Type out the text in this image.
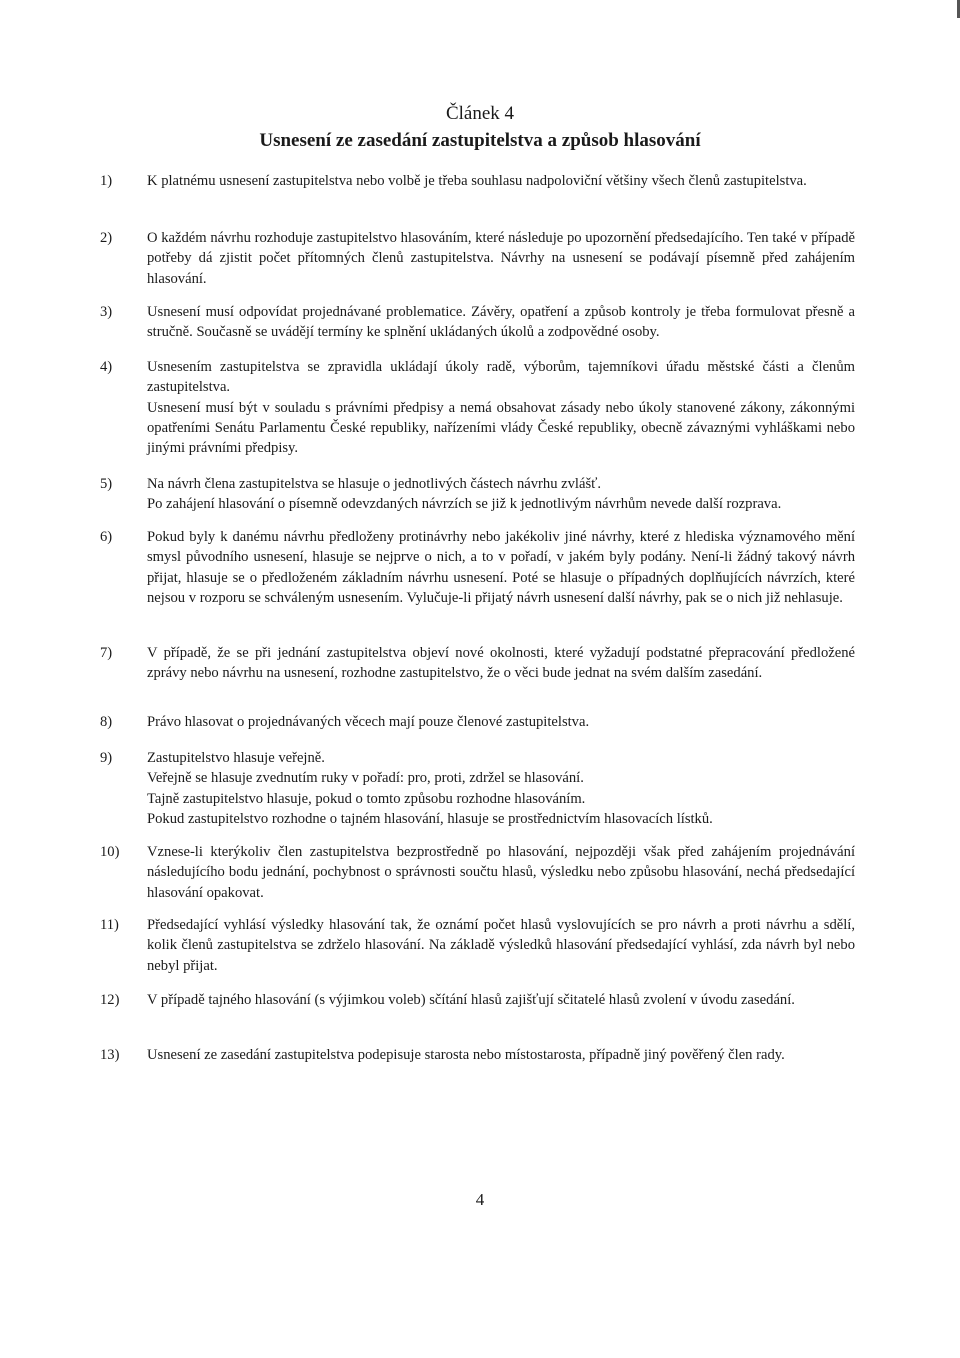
Článek 4
Usnesení ze zasedání zastupitelstva a způsob hlasování
1)	K platnému usnesení zastupitelstva nebo volbě je třeba souhlasu nadpoloviční většiny všech členů zastupitelstva.

2)	O každém návrhu rozhoduje zastupitelstvo hlasováním, které následuje po upozornění předsedajícího. Ten také v případě potřeby dá zjistit počet přítomných členů zastupitelstva. Návrhy na usnesení se podávají písemně před zahájením hlasování.

3)	Usnesení musí odpovídat projednávané problematice. Závěry, opatření a způsob kontroly je třeba formulovat přesně a stručně. Současně se uvádějí termíny ke splnění ukládaných úkolů a zodpovědné osoby.

4)	Usnesením zastupitelstva se zpravidla ukládají úkoly radě, výborům, tajemníkovi úřadu městské části a členům zastupitelstva.

Usnesení musí být v souladu s právními předpisy a nemá obsahovat zásady nebo úkoly stanovené zákony, zákonnými opatřeními Senátu Parlamentu České republiky, nařízeními vlády České republiky, obecně závaznými vyhláškami nebo jinými právními předpisy.

5)	Na návrh člena zastupitelstva se hlasuje o jednotlivých částech návrhu zvlášť.

Po zahájení hlasování o písemně odevzdaných návrzích se již k jednotlivým návrhům nevede další rozprava.

6)	Pokud byly k danému návrhu předloženy protinávrhy nebo jakékoliv jiné návrhy, které z hlediska významového mění smysl původního usnesení, hlasuje se nejprve o nich, a to v pořadí, v jakém byly podány. Není-li žádný takový návrh přijat, hlasuje se o předloženém základním návrhu usnesení. Poté se hlasuje o případných doplňujících návrzích, které nejsou v rozporu se schváleným usnesením. Vylučuje-li přijatý návrh usnesení další návrhy, pak se o nich již nehlasuje.

7)	V případě, že se při jednání zastupitelstva objeví nové okolnosti, které vyžadují podstatné přepracování předložené zprávy nebo návrhu na usnesení, rozhodne zastupitelstvo, že o věci bude jednat na svém dalším zasedání.

8)	Právo hlasovat o projednávaných věcech mají pouze členové zastupitelstva.

9)	Zastupitelstvo hlasuje veřejně.

Veřejně se hlasuje zvednutím ruky v pořadí: pro, proti, zdržel se hlasování.

Tajně zastupitelstvo hlasuje, pokud o tomto způsobu rozhodne hlasováním.

Pokud zastupitelstvo rozhodne o tajném hlasování, hlasuje se prostřednictvím hlasovacích lístků.

10)	Vznese-li kterýkoliv člen zastupitelstva bezprostředně po hlasování, nejpozději však před zahájením projednávání následujícího bodu jednání, pochybnost o správnosti součtu hlasů, výsledku nebo způsobu hlasování, nechá předsedající hlasování opakovat.

11)	Předsedající vyhlásí výsledky hlasování tak, že oznámí počet hlasů vyslovujících se pro návrh a proti návrhu a sdělí, kolik členů zastupitelstva se zdrželo hlasování. Na základě výsledků hlasování předsedající vyhlásí, zda návrh byl nebo nebyl přijat.

12)	V případě tajného hlasování (s výjimkou voleb) sčítání hlasů zajišťují sčitatelé hlasů zvolení v úvodu zasedání.

13)	Usnesení ze zasedání zastupitelstva podepisuje starosta nebo místostarosta, případně jiný pověřený člen rady.

4
